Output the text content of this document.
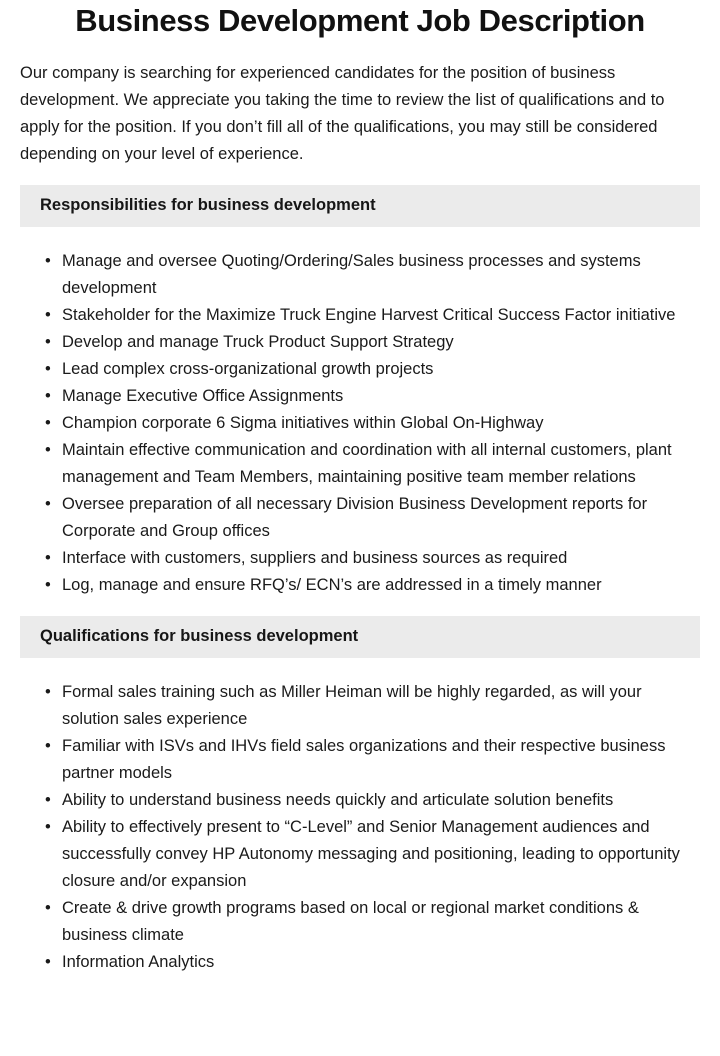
Business Development Job Description

Our company is searching for experienced candidates for the position of business development. We appreciate you taking the time to review the list of qualifications and to apply for the position. If you don’t fill all of the qualifications, you may still be considered depending on your level of experience.

Responsibilities for business development
• Manage and oversee Quoting/Ordering/Sales business processes and systems development
• Stakeholder for the Maximize Truck Engine Harvest Critical Success Factor initiative
• Develop and manage Truck Product Support Strategy
• Lead complex cross-organizational growth projects
• Manage Executive Office Assignments
• Champion corporate 6 Sigma initiatives within Global On-Highway
• Maintain effective communication and coordination with all internal customers, plant management and Team Members, maintaining positive team member relations
• Oversee preparation of all necessary Division Business Development reports for Corporate and Group offices
• Interface with customers, suppliers and business sources as required
• Log, manage and ensure RFQ’s/ ECN’s are addressed in a timely manner
Qualifications for business development
• Formal sales training such as Miller Heiman will be highly regarded, as will your solution sales experience
• Familiar with ISVs and IHVs field sales organizations and their respective business partner models
• Ability to understand business needs quickly and articulate solution benefits
• Ability to effectively present to “C-Level” and Senior Management audiences and successfully convey HP Autonomy messaging and positioning, leading to opportunity closure and/or expansion
• Create & drive growth programs based on local or regional market conditions & business climate
• Information Analytics
